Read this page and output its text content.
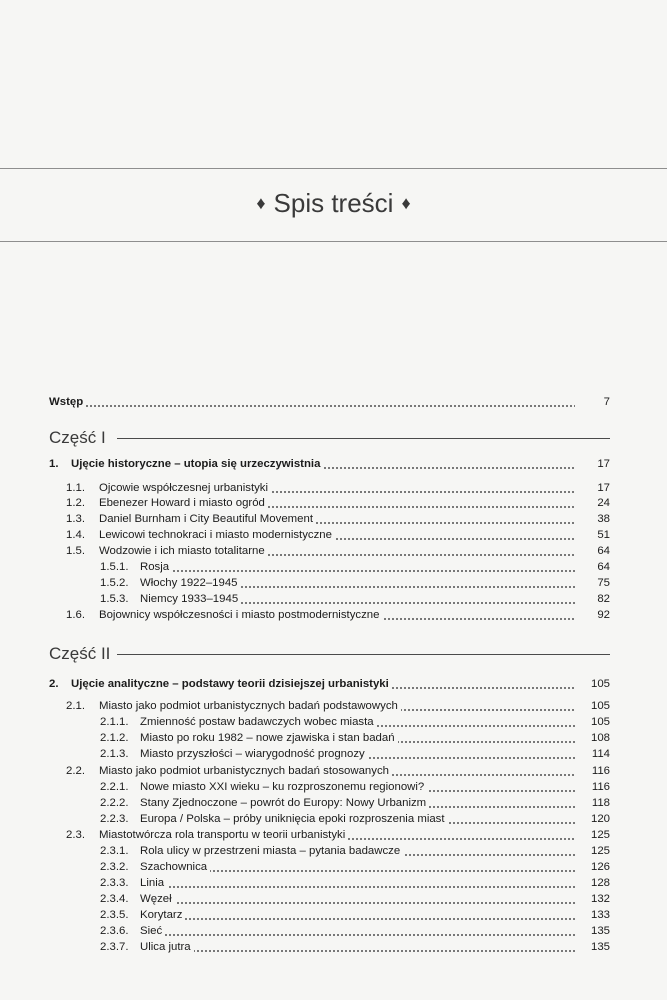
♦ Spis treści ♦
Wstęp	7
Część I
Część II
1. Ujęcie historyczne – utopia się urzeczywistnia	17
1.1. Ojcowie współczesnej urbanistyki	17
1.2. Ebenezer Howard i miasto ogród	24
1.3. Daniel Burnham i City Beautiful Movement	38
1.4. Lewicowi technokraci i miasto modernistyczne	51
1.5. Wodzowie i ich miasto totalitarne	64
1.5.1. Rosja	64
1.5.2. Włochy 1922–1945	75
1.5.3. Niemcy 1933–1945	82
1.6. Bojownicy współczesności i miasto postmodernistyczne	92
2. Ujęcie analityczne – podstawy teorii dzisiejszej urbanistyki	105
2.1. Miasto jako podmiot urbanistycznych badań podstawowych	105
2.1.1. Zmienność postaw badawczych wobec miasta	105
2.1.2. Miasto po roku 1982 – nowe zjawiska i stan badań	108
2.1.3. Miasto przyszłości – wiarygodność prognozy	114
2.2. Miasto jako podmiot urbanistycznych badań stosowanych	116
2.2.1. Nowe miasto XXI wieku – ku rozproszonemu regionowi?	116
2.2.2. Stany Zjednoczone – powrót do Europy: Nowy Urbanizm	118
2.2.3. Europa / Polska – próby uniknięcia epoki rozproszenia miast	120
2.3. Miastotwórcza rola transportu w teorii urbanistyki	125
2.3.1. Rola ulicy w przestrzeni miasta – pytania badawcze	125
2.3.2. Szachownica	126
2.3.3. Linia	128
2.3.4. Węzeł	132
2.3.5. Korytarz	133
2.3.6. Sieć	135
2.3.7. Ulica jutra	135
